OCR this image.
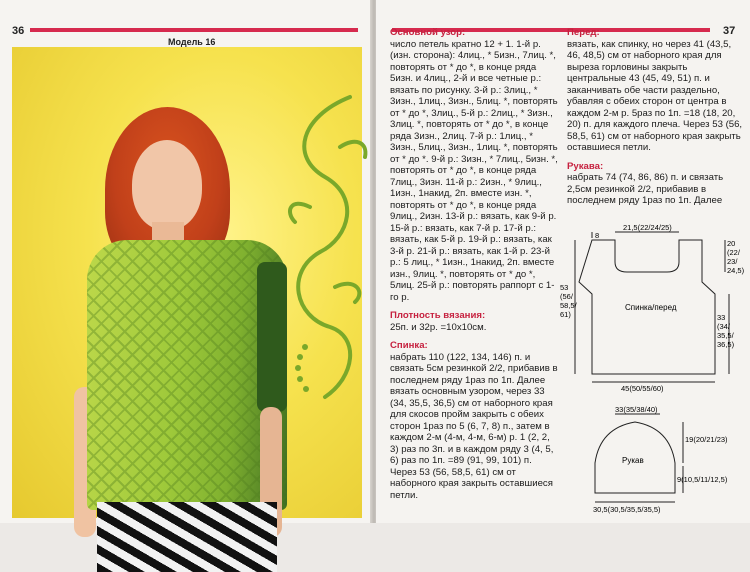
36
Модель 16
37
Основной узор:

число петель кратно 12 + 1. 1-й р. (изн. сторона): 4лиц., * 5изн., 7лиц. *, повторять от * до *, в конце ряда 5изн. и 4лиц., 2-й и все четные р.: вязать по рисунку. 3-й р.: 3лиц., * 3изн., 1лиц., 3изн., 5лиц. *, повторять от * до *, 3лиц., 5-й р.: 2лиц., * 3изн., 3лиц. *, повторять от * до *, в конце ряда 3изн., 2лиц. 7-й р.: 1лиц., * 3изн., 5лиц., 3изн., 1лиц. *, повторять от * до *. 9-й р.: 3изн., * 7лиц., 5изн. *, повторять от * до *, в конце ряда 7лиц., 3изн. 11-й р.: 2изн., * 9лиц., 1изн., 1накид, 2п. вместе изн. *, повторять от * до *, в конце ряда 9лиц., 2изн. 13-й р.: вязать, как 9-й р. 15-й р.: вязать, как 7-й р. 17-й р.: вязать, как 5-й р. 19-й р.: вязать, как 3-й р. 21-й р.: вязать, как 1-й р. 23-й р.: 5 лиц., * 1изн., 1накид, 2п. вместе изн., 9лиц. *, повторять от * до *, 5лиц. 25-й р.: повторять раппорт с 1-го р.

Плотность вязания:

25п. и 32р. =10х10см.

Спинка:

набрать 110 (122, 134, 146) п. и связать 5см резинкой 2/2, прибавив в последнем ряду 1раз по 1п. Далее вязать основным узором, через 33 (34, 35,5, 36,5) см от наборного края для скосов пройм закрыть с обеих сторон 1раз по 5 (6, 7, 8) п., затем в каждом 2-м (4-м, 4-м, 6-м) р. 1 (2, 2, 3) раз по 3п. и в каждом ряду 3 (4, 5, 6) раз по 1п. =89 (91, 99, 101) п. Через 53 (56, 58,5, 61) см от наборного края закрыть оставшиеся петли.

Перед:

вязать, как спинку, но через 41 (43,5, 46, 48,5) см от наборного края для выреза горловины закрыть центральные 43 (45, 49, 51) п. и заканчивать обе части раздельно, убавляя с обеих сторон от центра в каждом 2-м р. 5раз по 1п. =18 (18, 20, 20) п. для каждого плеча. Через 53 (56, 58,5, 61) см от наборного края закрыть оставшиеся петли.

Рукава:

набрать 74 (74, 86, 86) п. и связать 2,5см резинкой 2/2, прибавив в последнем ряду 1раз по 1п. Далее

21,5(22/24/25)
8
20
(22/
23/
24,5)
53
(56/
58,5/
61)
Спинка/перед
33
(34/
35,5/
36,5)
45(50/55/60)
33(35/38/40)
19(20/21/23)
Рукав
9(10,5/11/12,5)
30,5(30,5/35,5/35,5)
